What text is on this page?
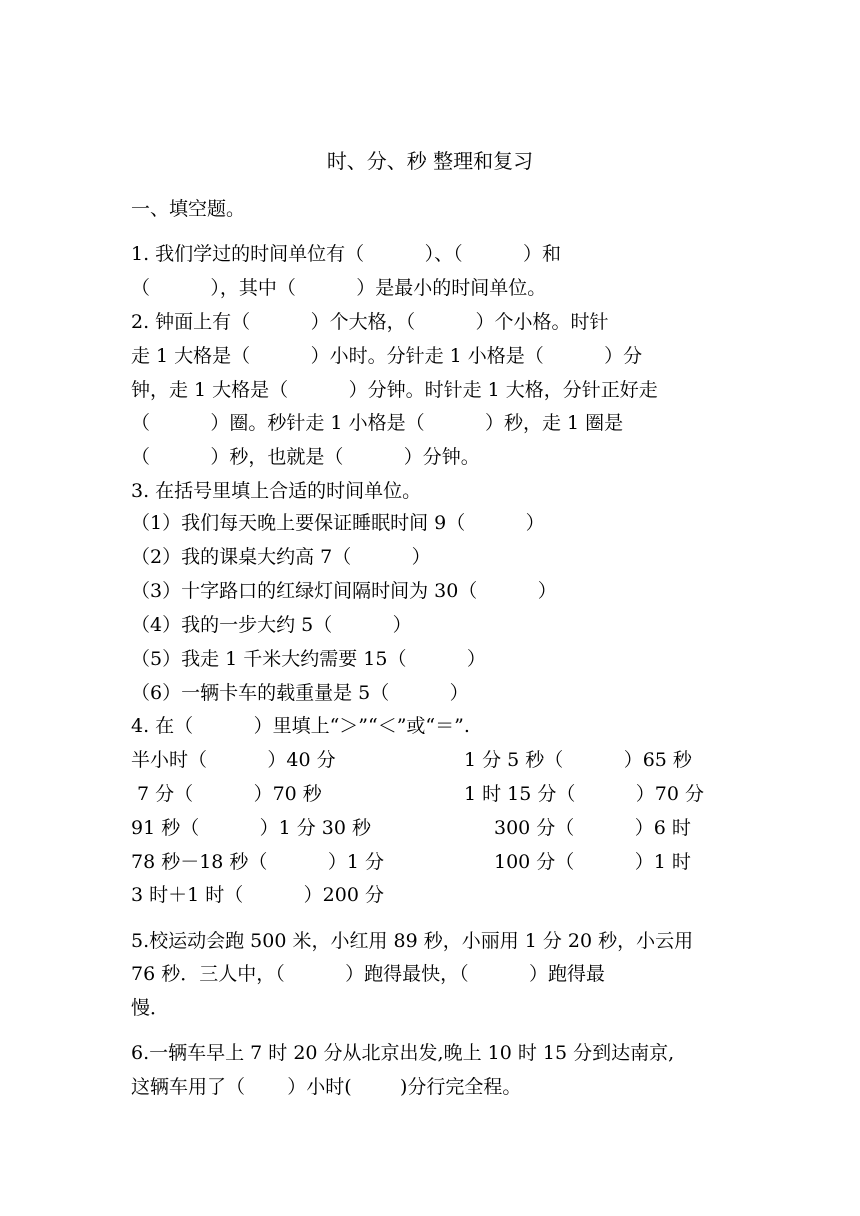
时、分、秒 整理和复习
一、填空题。
1. 我们学过的时间单位有（          ）、（          ）和
（          ），其中（          ）是最小的时间单位。
2. 钟面上有（          ）个大格，（          ）个小格。时针
走 1 大格是（          ）小时。分针走 1 小格是（          ）分
钟，走 1 大格是（          ）分钟。时针走 1 大格，分针正好走
（          ）圈。秒针走 1 小格是（          ）秒，走 1 圈是
（          ）秒，也就是（          ）分钟。
3. 在括号里填上合适的时间单位。
（1）我们每天晚上要保证睡眠时间 9（          ）
（2）我的课桌大约高 7（          ）
（3）十字路口的红绿灯间隔时间为 30（          ）
（4）我的一步大约 5（          ）
（5）我走 1 千米大约需要 15（          ）
（6）一辆卡车的载重量是 5（          ）
4. 在（          ）里填上“＞”“＜”或“＝”.
半小时（          ）40 分	1 分 5 秒（          ）65 秒
7 分（          ）70 秒	1 时 15 分（          ）70 分
91 秒（          ）1 分 30 秒	300 分（          ）6 时
78 秒－18 秒（          ）1 分	100 分（          ）1 时
3 时＋1 时（          ）200 分
5.校运动会跑 500 米，小红用 89 秒，小丽用 1 分 20 秒，小云用
76 秒．三人中，（          ）跑得最快，（          ）跑得最
慢．
6.一辆车早上 7 时 20 分从北京出发,晚上 10 时 15 分到达南京,
这辆车用了（       ）小时(        )分行完全程。
